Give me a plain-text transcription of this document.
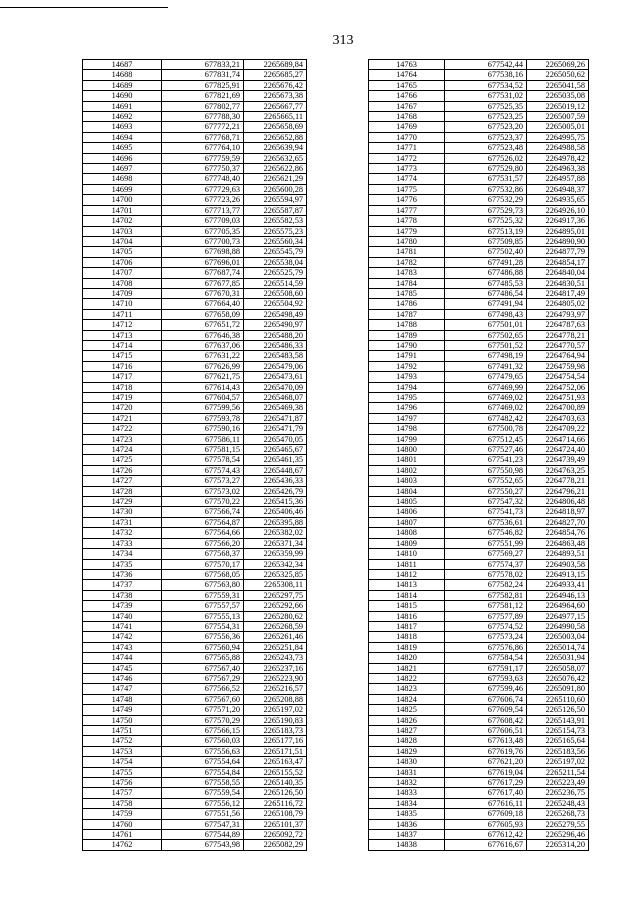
313
14687	677833,21	2265689,84
14688	677831,74	2265685,27
14689	677825,91	2265676,42
14690	677821,69	2265673,38
14691	677802,77	2265667,77
14692	677788,30	2265665,11
14693	677772,21	2265658,69
14694	677768,71	2265652,88
14695	677764,10	2265639,94
14696	677759,59	2265632,65
14697	677750,37	2265622,86
14698	677748,40	2265621,29
14699	677729,63	2265600,28
14700	677723,26	2265594,97
14701	677713,77	2265587,87
14702	677709,03	2265582,53
14703	677705,35	2265575,23
14704	677700,73	2265560,34
14705	677698,88	2265545,79
14706	677696,01	2265538,04
14707	677687,74	2265525,79
14708	677677,85	2265514,59
14709	677670,31	2265508,60
14710	677664,40	2265504,92
14711	677658,09	2265498,49
14712	677651,72	2265490,97
14713	677646,38	2265488,20
14714	677637,06	2265486,33
14715	677631,22	2265483,58
14716	677626,99	2265479,06
14717	677621,75	2265473,61
14718	677614,43	2265470,09
14719	677604,57	2265468,07
14720	677599,56	2265469,38
14721	677593,78	2265471,87
14722	677590,16	2265471,79
14723	677586,11	2265470,05
14724	677581,15	2265465,67
14725	677578,54	2265461,35
14726	677574,43	2265448,67
14727	677573,27	2265436,33
14728	677573,02	2265426,79
14729	677570,22	2265415,36
14730	677566,74	2265406,46
14731	677564,87	2265395,88
14732	677564,66	2265382,02
14733	677566,20	2265371,34
14734	677568,37	2265359,99
14735	677570,17	2265342,34
14736	677568,05	2265325,85
14737	677563,80	2265308,11
14738	677559,31	2265297,75
14739	677557,57	2265292,66
14740	677555,13	2265280,62
14741	677554,31	2265268,59
14742	677556,36	2265261,46
14743	677560,94	2265251,84
14744	677565,88	2265243,73
14745	677567,40	2265237,16
14746	677567,29	2265223,90
14747	677566,52	2265216,57
14748	677567,60	2265208,88
14749	677571,20	2265197,02
14750	677570,29	2265190,83
14751	677566,15	2265183,73
14752	677560,03	2265177,16
14753	677556,63	2265171,51
14754	677554,64	2265163,47
14755	677554,84	2265155,52
14756	677558,55	2265140,35
14757	677559,54	2265126,50
14758	677556,12	2265116,72
14759	677551,56	2265108,79
14760	677547,31	2265101,37
14761	677544,89	2265092,72
14762	677543,98	2265082,29
14763	677542,44	2265069,26
14764	677538,16	2265050,62
14765	677534,52	2265041,58
14766	677531,02	2265035,08
14767	677525,35	2265019,12
14768	677523,25	2265007,59
14769	677523,20	2265005,01
14770	677523,37	2264995,75
14771	677523,48	2264988,58
14772	677526,02	2264978,42
14773	677529,80	2264963,38
14774	677531,57	2264957,88
14775	677532,86	2264948,37
14776	677532,29	2264935,65
14777	677529,73	2264926,10
14778	677525,32	2264917,36
14779	677513,19	2264895,01
14780	677509,85	2264890,90
14781	677502,40	2264877,79
14782	677491,28	2264854,17
14783	677486,88	2264840,04
14784	677485,53	2264830,51
14785	677486,54	2264817,49
14786	677491,94	2264805,02
14787	677498,43	2264793,97
14788	677501,01	2264787,63
14789	677502,65	2264778,21
14790	677501,52	2264770,57
14791	677498,19	2264764,94
14792	677491,32	2264759,98
14793	677479,65	2264754,54
14794	677469,99	2264752,06
14795	677469,02	2264751,93
14796	677469,02	2264700,89
14797	677482,42	2264703,63
14798	677500,78	2264709,22
14799	677512,45	2264714,66
14800	677527,46	2264724,40
14801	677541,23	2264739,49
14802	677550,98	2264763,25
14803	677552,65	2264778,21
14804	677550,27	2264796,21
14805	677547,32	2264806,48
14806	677541,73	2264818,97
14807	677536,61	2264827,70
14808	677546,82	2264854,76
14809	677551,99	2264863,48
14810	677569,27	2264893,51
14811	677574,37	2264903,58
14812	677578,02	2264913,15
14813	677582,24	2264933,41
14814	677582,81	2264946,13
14815	677581,12	2264964,60
14816	677577,89	2264977,15
14817	677574,52	2264990,58
14818	677573,24	2265003,04
14819	677576,86	2265014,74
14820	677584,54	2265031,94
14821	677591,17	2265058,07
14822	677593,63	2265076,42
14823	677599,46	2265091,80
14824	677606,74	2265110,60
14825	677609,54	2265126,50
14826	677608,42	2265143,91
14827	677606,51	2265154,73
14828	677613,48	2265165,64
14829	677619,76	2265183,56
14830	677621,20	2265197,02
14831	677619,04	2265211,54
14832	677617,29	2265223,49
14833	677617,40	2265236,75
14834	677616,11	2265248,43
14835	677609,18	2265268,73
14836	677605,93	2265279,55
14837	677612,42	2265296,46
14838	677616,67	2265314,20
